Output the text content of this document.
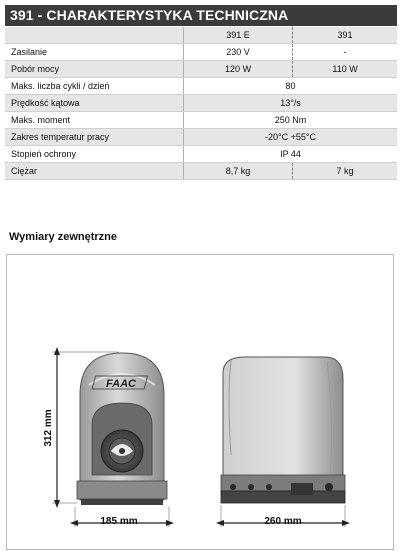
391 - CHARAKTERYSTYKA TECHNICZNA
	391 E	391
Zasilanie	230 V	-
Pobór mocy	120 W	110 W
Maks. liczba cykli / dzień	80	
Prędkość kątowa	13°/s	
Maks. moment	250 Nm	
Zakres temperatur pracy	-20°C +55°C	
Stopień ochrony	IP 44	
Ciężar	8,7 kg	7 kg
Wymiary zewnętrzne
FAAC
312 mm
185 mm	260 mm
